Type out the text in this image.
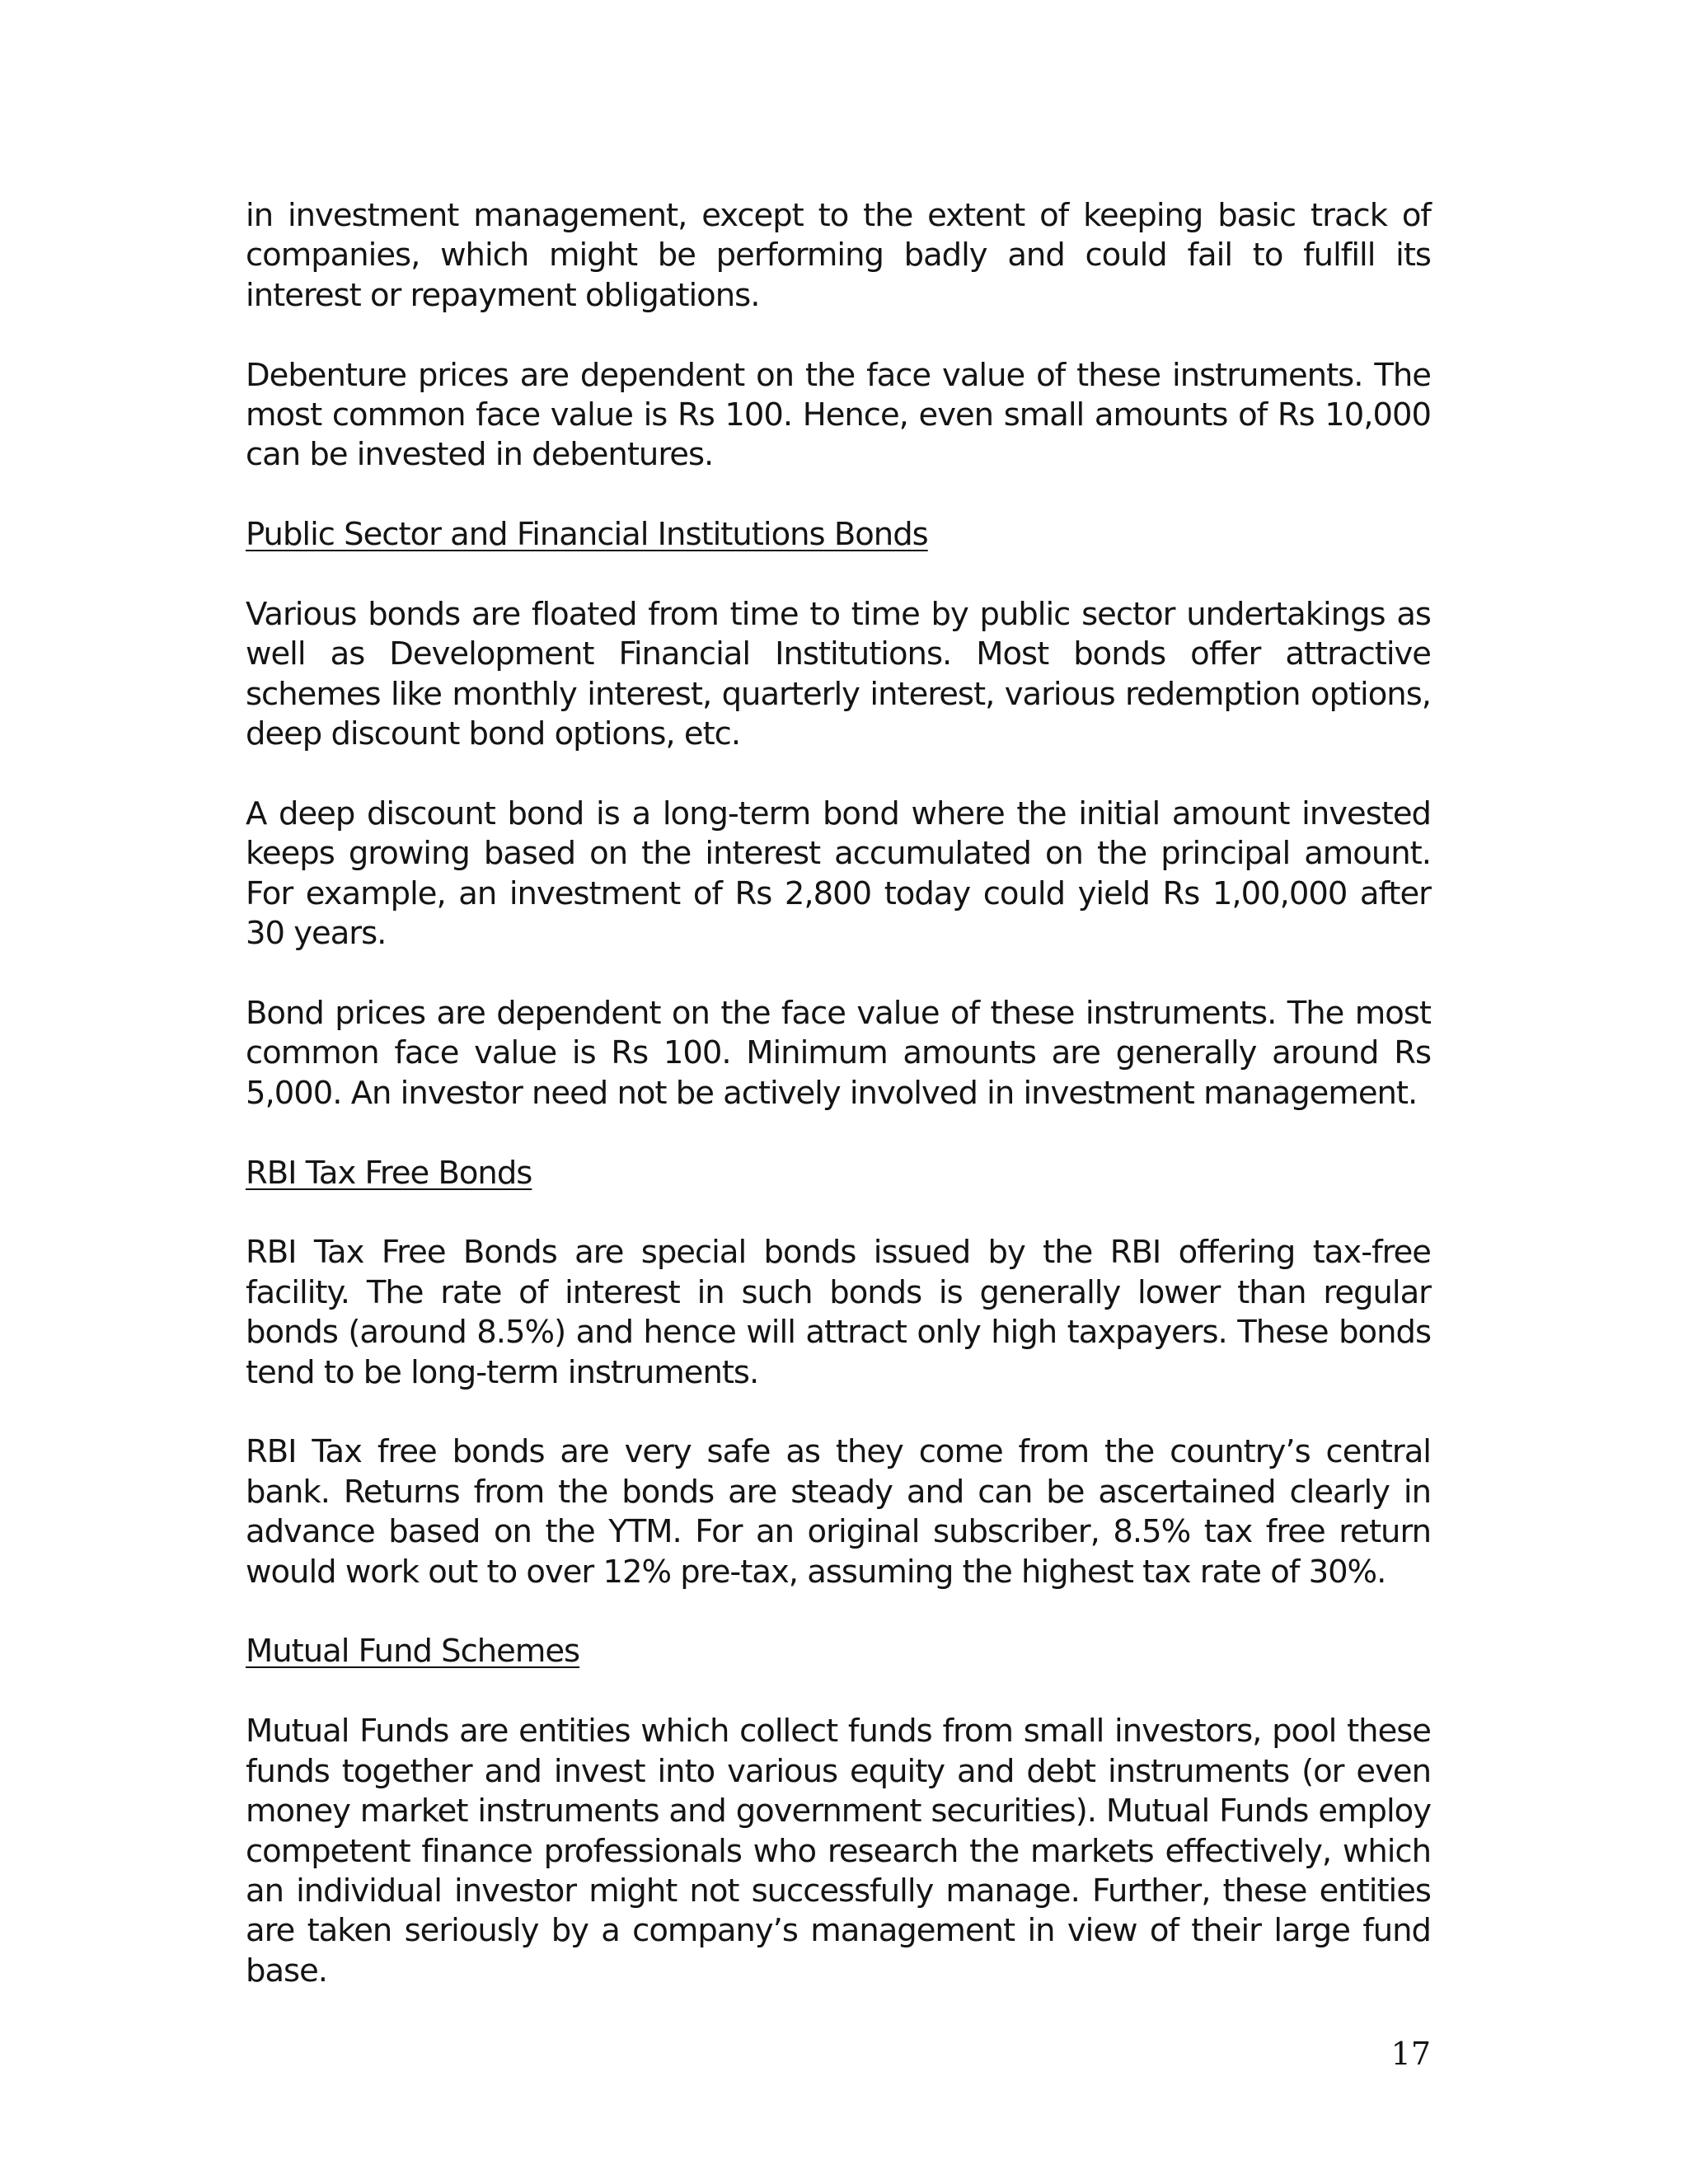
in investment management, except to the extent of keeping basic track of companies, which might be performing badly and could fail to fulfill its interest or repayment obligations.

Debenture prices are dependent on the face value of these instruments. The most common face value is Rs 100. Hence, even small amounts of Rs 10,000 can be invested in debentures.

Public Sector and Financial Institutions Bonds

Various bonds are floated from time to time by public sector undertakings as well as Development Financial Institutions. Most bonds offer attractive schemes like monthly interest, quarterly interest, various redemption options, deep discount bond options, etc.

A deep discount bond is a long-term bond where the initial amount invested keeps growing based on the interest accumulated on the principal amount. For example, an investment of Rs 2,800 today could yield Rs 1,00,000 after 30 years.

Bond prices are dependent on the face value of these instruments. The most common face value is Rs 100. Minimum amounts are generally around Rs 5,000. An investor need not be actively involved in investment management.

RBI Tax Free Bonds

RBI Tax Free Bonds are special bonds issued by the RBI offering tax-free facility. The rate of interest in such bonds is generally lower than regular bonds (around 8.5%) and hence will attract only high taxpayers. These bonds tend to be long-term instruments.

RBI Tax free bonds are very safe as they come from the country’s central bank. Returns from the bonds are steady and can be ascertained clearly in advance based on the YTM. For an original subscriber, 8.5% tax free return would work out to over 12% pre-tax, assuming the highest tax rate of 30%.

Mutual Fund Schemes

Mutual Funds are entities which collect funds from small investors, pool these funds together and invest into various equity and debt instruments (or even money market instruments and government securities). Mutual Funds employ competent finance professionals who research the markets effectively, which an individual investor might not successfully manage. Further, these entities are taken seriously by a company’s management in view of their large fund base.

17
